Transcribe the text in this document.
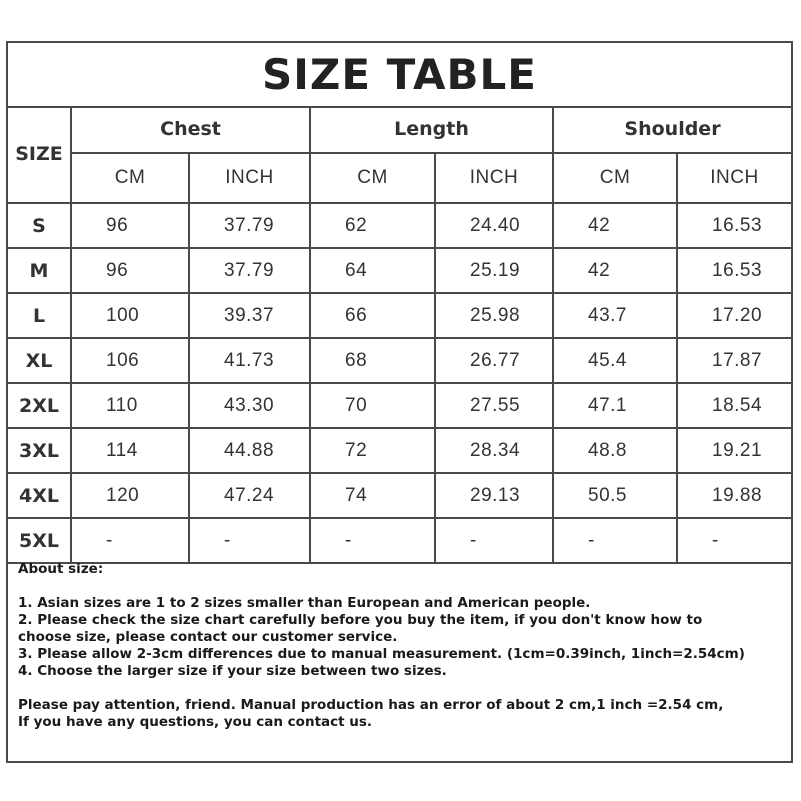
SIZE TABLE
SIZE	Chest		Length		Shoulder	
	CM	INCH	CM	INCH	CM	INCH
S	96	37.79	62	24.40	42	16.53
M	96	37.79	64	25.19	42	16.53
L	100	39.37	66	25.98	43.7	17.20
XL	106	41.73	68	26.77	45.4	17.87
2XL	110	43.30	70	27.55	47.1	18.54
3XL	114	44.88	72	28.34	48.8	19.21
4XL	120	47.24	74	29.13	50.5	19.88
5XL	-	-	-	-	-	-

About size:

1. Asian sizes are 1 to 2 sizes smaller than European and American people.

2. Please check the size chart carefully before you buy the item, if you don't know how to
choose size, please contact our customer service.

3. Please allow 2-3cm differences due to manual measurement. (1cm=0.39inch, 1inch=2.54cm)

4. Choose the larger size if your size between two sizes.

Please pay attention, friend. Manual production has an error of about 2 cm,1 inch =2.54 cm,
If you have any questions, you can contact us.
